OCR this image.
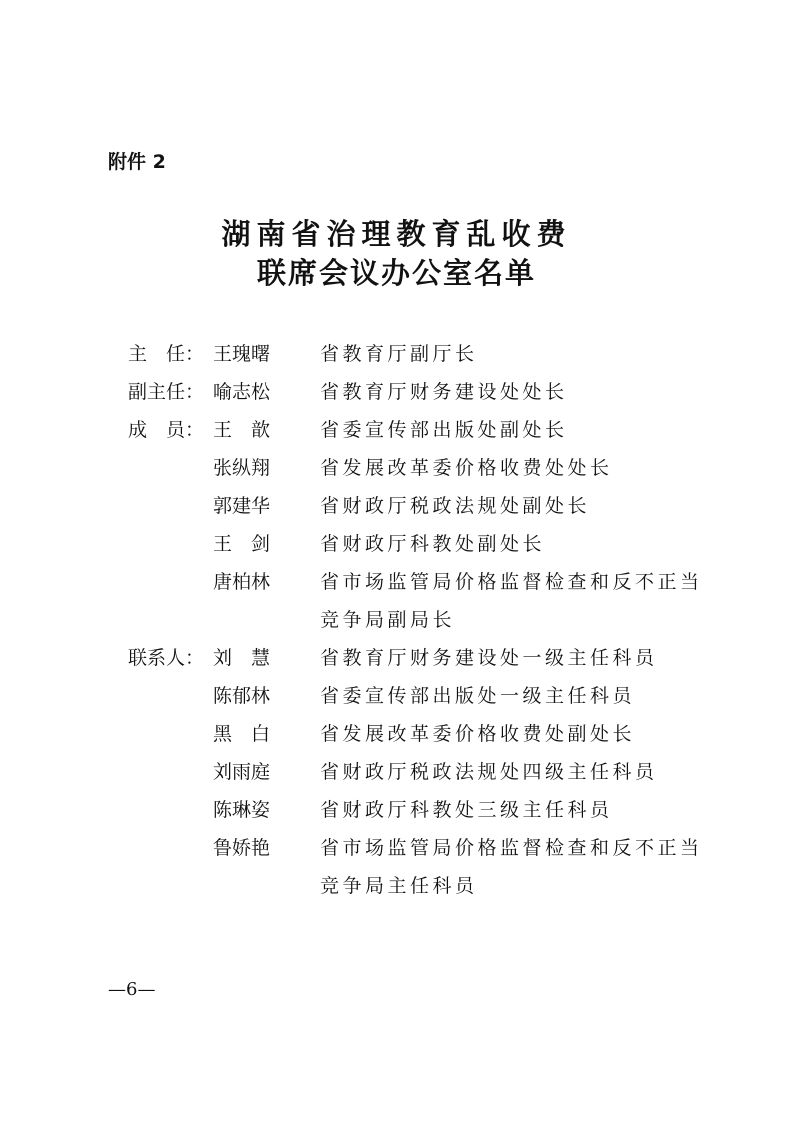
附件 2
湖南省治理教育乱收费
联席会议办公室名单
主　任： 王瑰曙	省教育厅副厅长
副主任： 喻志松	省教育厅财务建设处处长
成　员： 王　歆	省委宣传部出版处副处长
张纵翔	省发展改革委价格收费处处长
郭建华	省财政厅税政法规处副处长
王　剑	省财政厅科教处副处长
唐柏林	省市场监管局价格监督检查和反不正当
竞争局副局长
联系人： 刘　慧	省教育厅财务建设处一级主任科员
陈郁林	省委宣传部出版处一级主任科员
黑　白	省发展改革委价格收费处副处长
刘雨庭	省财政厅税政法规处四级主任科员
陈琳姿	省财政厅科教处三级主任科员
鲁娇艳	省市场监管局价格监督检查和反不正当
竞争局主任科员
—6—
